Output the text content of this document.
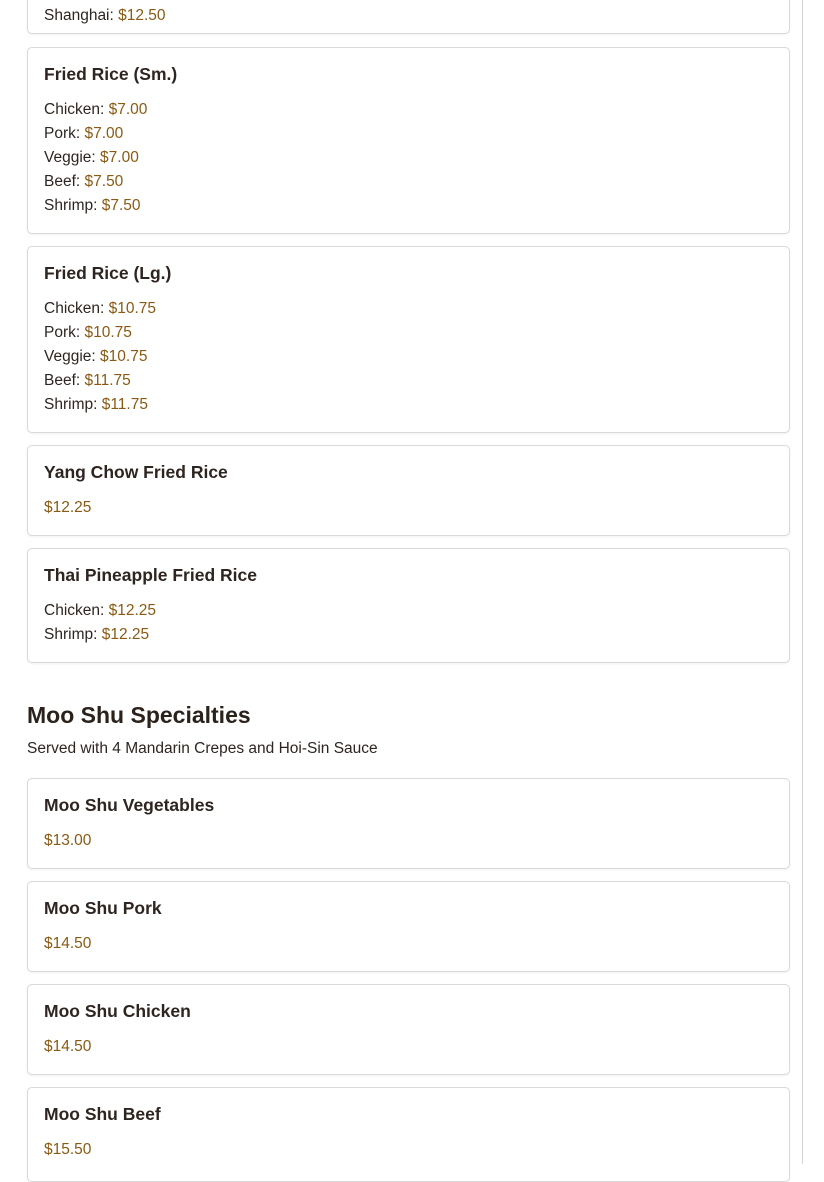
Shanghai: $12.50
Fried Rice (Sm.)
Chicken: $7.00
Pork: $7.00
Veggie: $7.00
Beef: $7.50
Shrimp: $7.50
Fried Rice (Lg.)
Chicken: $10.75
Pork: $10.75
Veggie: $10.75
Beef: $11.75
Shrimp: $11.75
Yang Chow Fried Rice
$12.25
Thai Pineapple Fried Rice
Chicken: $12.25
Shrimp: $12.25
Moo Shu Specialties
Served with 4 Mandarin Crepes and Hoi-Sin Sauce
Moo Shu Vegetables
$13.00
Moo Shu Pork
$14.50
Moo Shu Chicken
$14.50
Moo Shu Beef
$15.50
